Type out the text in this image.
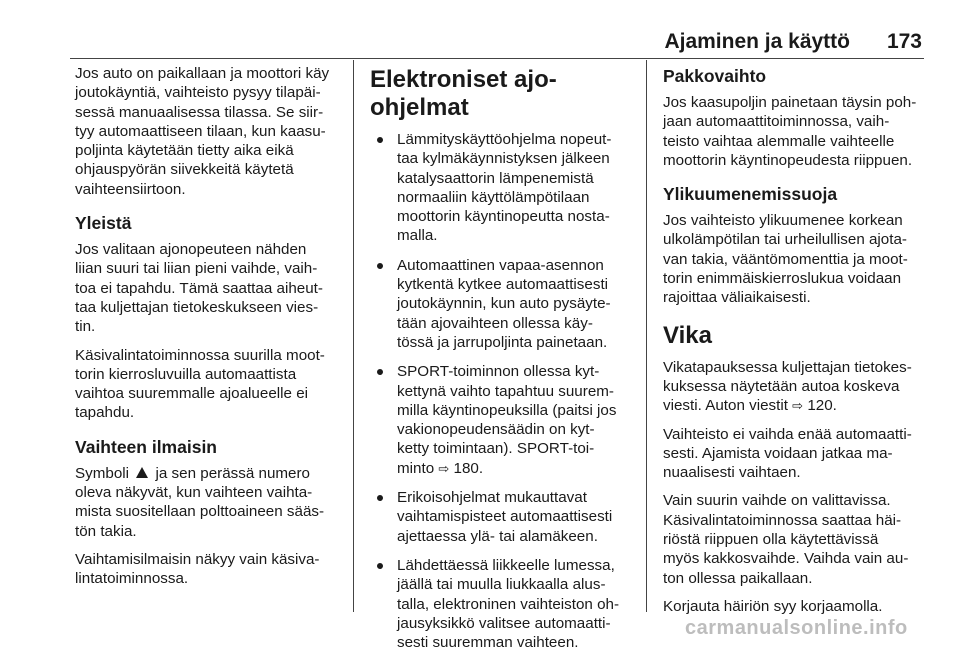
Ajaminen ja käyttö 173

Jos auto on paikallaan ja moottori käy
joutokäyntiä, vaihteisto pysyy tilapäi-
sessä manuaalisessa tilassa. Se siir-
tyy automaattiseen tilaan, kun kaasu-
poljinta käytetään tietty aika eikä
ohjauspyörän siivekkeitä käytetä
vaihteensiirtoon.

Yleistä

Jos valitaan ajonopeuteen nähden
liian suuri tai liian pieni vaihde, vaih-
toa ei tapahdu. Tämä saattaa aiheut-
taa kuljettajan tietokeskukseen vies-
tin.

Käsivalintatoiminnossa suurilla moot-
torin kierrosluvuilla automaattista
vaihtoa suuremmalle ajoalueelle ei
tapahdu.

Vaihteen ilmaisin

Symboli ja sen perässä numero
oleva näkyvät, kun vaihteen vaihta-
mista suositellaan polttoaineen sääs-
tön takia.

Vaihtamisilmaisin näkyy vain käsiva-
lintatoiminnossa.

Elektroniset ajo-ohjelmat
Lämmityskäyttöohjelma nopeut-
taa kylmäkäynnistyksen jälkeen
katalysaattorin lämpenemistä
normaaliin käyttölämpötilaan
moottorin käyntinopeutta nosta-
malla.
Automaattinen vapaa-asennon
kytkentä kytkee automaattisesti
joutokäynnin, kun auto pysäyte-
tään ajovaihteen ollessa käy-
tössä ja jarrupoljinta painetaan.
SPORT-toiminnon ollessa kyt-
kettynä vaihto tapahtuu suurem-
milla käyntinopeuksilla (paitsi jos
vakionopeudensäädin on kyt-
ketty toimintaan). SPORT-toi-
minto ⇨ 180.
Erikoisohjelmat mukauttavat
vaihtamispisteet automaattisesti
ajettaessa ylä- tai alamäkeen.
Lähdettäessä liikkeelle lumessa,
jäällä tai muulla liukkaalla alus-
talla, elektroninen vaihteiston oh-
jausyksikkö valitsee automaatti-
sesti suuremman vaihteen.
Pakkovaihto

Jos kaasupoljin painetaan täysin poh-
jaan automaattitoiminnossa, vaih-
teisto vaihtaa alemmalle vaihteelle
moottorin käyntinopeudesta riippuen.

Ylikuumenemissuoja

Jos vaihteisto ylikuumenee korkean
ulkolämpötilan tai urheilullisen ajota-
van takia, vääntömomenttia ja moot-
torin enimmäiskierroslukua voidaan
rajoittaa väliaikaisesti.

Vika

Vikatapauksessa kuljettajan tietokes-
kuksessa näytetään autoa koskeva
viesti. Auton viestit ⇨ 120.

Vaihteisto ei vaihda enää automaatti-
sesti. Ajamista voidaan jatkaa ma-
nuaalisesti vaihtaen.

Vain suurin vaihde on valittavissa.
Käsivalintatoiminnossa saattaa häi-
riöstä riippuen olla käytettävissä
myös kakkosvaihde. Vaihda vain au-
ton ollessa paikallaan.

Korjauta häiriön syy korjaamolla.

carmanualsonline.info
